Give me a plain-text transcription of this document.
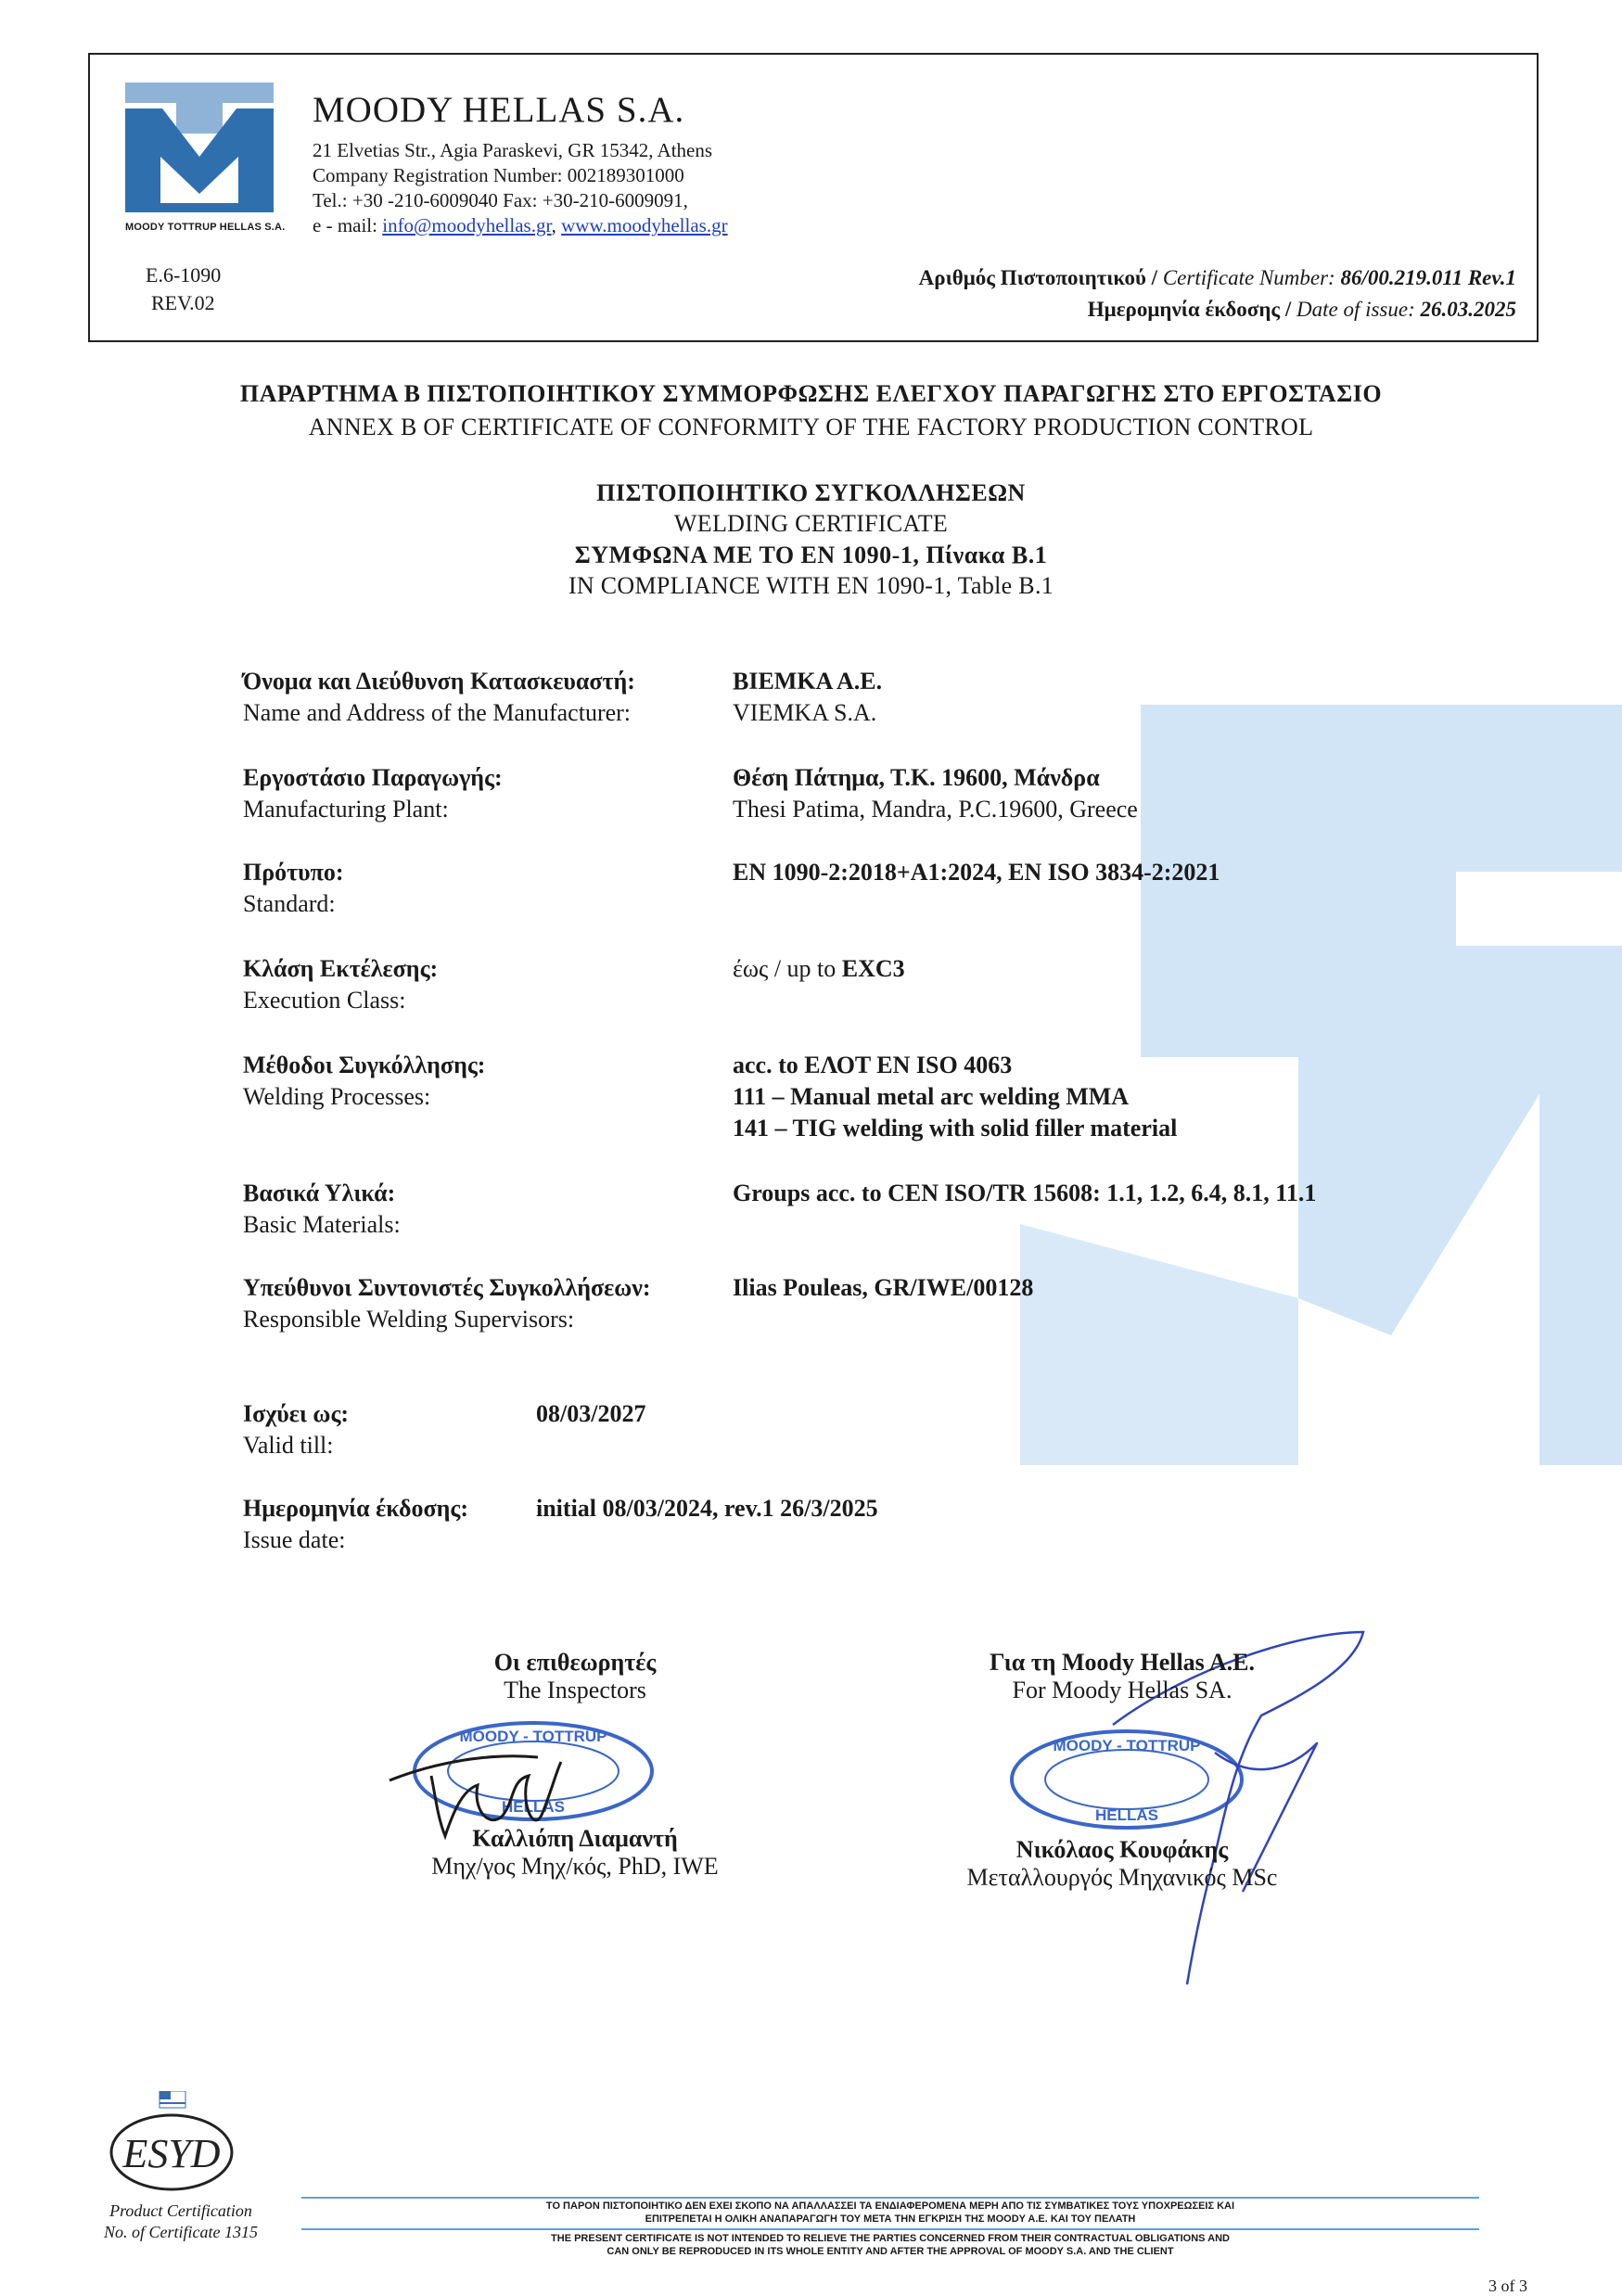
MOODY TOTTRUP HELLAS S.A.
MOODY HELLAS S.A.
21 Elvetias Str., Agia Paraskevi, GR 15342, Athens
Company Registration Number: 002189301000
Tel.: +30 -210-6009040 Fax: +30-210-6009091,
e - mail: info@moodyhellas.gr, www.moodyhellas.gr
E.6-1090
REV.02
Αριθμός Πιστοποιητικού / Certificate Number: 86/00.219.011 Rev.1
Ημερομηνία έκδοσης / Date of issue: 26.03.2025
ΠΑΡΑΡΤΗΜΑ B ΠΙΣΤΟΠΟΙΗΤΙΚΟΥ ΣΥΜΜΟΡΦΩΣΗΣ ΕΛΕΓΧΟΥ ΠΑΡΑΓΩΓΗΣ ΣΤΟ ΕΡΓΟΣΤΑΣΙΟ
ANNEX B OF CERTIFICATE OF CONFORMITY OF THE FACTORY PRODUCTION CONTROL
ΠΙΣΤΟΠΟΙΗΤΙΚΟ ΣΥΓΚΟΛΛΗΣΕΩΝ
WELDING CERTIFICATE
ΣΥΜΦΩΝΑ ΜΕ ΤΟ EN 1090-1, Πίνακα Β.1
IN COMPLIANCE WITH EN 1090-1, Table B.1
Όνομα και Διεύθυνση Κατασκευαστή:
Name and Address of the Manufacturer:
ΒΙΕΜΚΑ Α.Ε.
VIEMKA S.A.
Εργοστάσιο Παραγωγής:
Manufacturing Plant:
Θέση Πάτημα, Τ.Κ. 19600, Μάνδρα
Thesi Patima, Mandra, P.C.19600, Greece
Πρότυπο:
Standard:
EN 1090-2:2018+A1:2024, EN ISO 3834-2:2021
Κλάση Εκτέλεσης:
Execution Class:
έως / up to EXC3
Μέθοδοι Συγκόλλησης:
Welding Processes:
acc. to ΕΛΟΤ EN ISO 4063
111 – Manual metal arc welding MMA
141 – TIG welding with solid filler material
Βασικά Υλικά:
Basic Materials:
Groups acc. to CEN ISO/TR 15608: 1.1, 1.2, 6.4, 8.1, 11.1
Υπεύθυνοι Συντονιστές Συγκολλήσεων:
Responsible Welding Supervisors:
Ilias Pouleas, GR/IWE/00128
Ισχύει ως:
Valid till:
08/03/2027
Ημερομηνία έκδοσης:
Issue date:
initial 08/03/2024, rev.1 26/3/2025
MOODY - TOTTRUP
HELLAS
Οι επιθεωρητές
The Inspectors
Καλλιόπη Διαμαντή
Μηχ/γος Μηχ/κός, PhD, IWE
MOODY - TOTTRUP
HELLAS
Για τη Moody Hellas A.E.
For Moody Hellas SA.
Νικόλαος Κουφάκης
Μεταλλουργός Μηχανικός MSc
ESYD
Product Certification
No. of Certificate 1315
ΤΟ ΠΑΡΟΝ ΠΙΣΤΟΠΟΙΗΤΙΚΟ ΔΕΝ ΕΧΕΙ ΣΚΟΠΟ ΝΑ ΑΠΑΛΛΑΣΣΕΙ ΤΑ ΕΝΔΙΑΦΕΡΟΜΕΝΑ ΜΕΡΗ ΑΠΟ ΤΙΣ ΣΥΜΒΑΤΙΚΕΣ ΤΟΥΣ ΥΠΟΧΡΕΩΣΕΙΣ ΚΑΙ
ΕΠΙΤΡΕΠΕΤΑΙ Η ΟΛΙΚΗ ΑΝΑΠΑΡΑΓΩΓΗ ΤΟΥ ΜΕΤΑ ΤΗΝ ΕΓΚΡΙΣΗ ΤΗΣ MOODY A.E. ΚΑΙ ΤΟΥ ΠΕΛΑΤΗ
THE PRESENT CERTIFICATE IS NOT INTENDED TO RELIEVE THE PARTIES CONCERNED FROM THEIR CONTRACTUAL OBLIGATIONS AND
CAN ONLY BE REPRODUCED IN ITS WHOLE ENTITY AND AFTER THE APPROVAL OF MOODY S.A. AND THE CLIENT
3 of 3
